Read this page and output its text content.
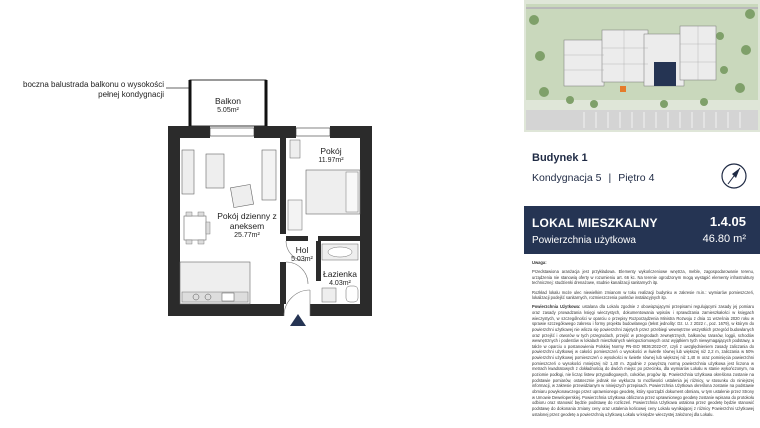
boczna balustrada balkonu o wysokości pełnej kondygnacji
Balkon
5.05m²
Pokój
11.97m²
Pokój dzienny z aneksem
25.77m²
Hol
5.03m²
Łazienka
4.03m²
Budynek 1
Kondygnacja 5 | Piętro 4
LOKAL MIESZKALNY	1.4.05
Powierzchnia użytkowa	46.80 m²

Uwaga:

Przedstawiona aranżacja jest przykładowa. Elementy wykończeniowe wnętrza, meble, zagospodarowanie terenu, urządzenia nie stanowią oferty w rozumieniu art. 66 kc. Na terenie ogrodzonym mogą wystąpić elementy infrastruktury technicznej: studzienki drenażowe, studnie kanalizacji sanitarnych itp.

Rozkład lokalu może ulec niewielkim zmianom w toku realizacji budynku w zakresie m.in.: wymiarów pomieszczeń, lokalizacji podejść sanitarnych, rozmieszczenia punktów instalacyjnych itp.

Powierzchnia Użytkowa: ustalana dla Lokalu zgodnie z obowiązującymi przepisami regulującymi zasady jej pomiaru oraz zasady prowadzania księgi wieczystych, dokumentowania wpisów i sprawdzania zamieszkałości w księgach wieczystych, w szczególności w oparciu o przepisy Rozporządzenia Ministra Rozwoju z dnia 11 września 2020 roku w sprawie szczegółowego zakresu i formy projektu budowlanego (tekst jednolity: Dz. U. z 2022 r., poz. 1679), w którym do powierzchni użytkowej nie wlicza się powierzchni zajętych przez przebiegi wewnętrzne wszystkich przegród budowlanych oraz przejść i otworów w tych przegrodach, przejść w przegrodach zewnętrznych, balkonów, tarasów, loggii, schodów wewnętrznych i podestów w lokalach mieszkalnych wielopoziomowych oraz wyjątkiem tych niewymagających podstawy, a także w oparciu o postanowienia Polskiej Normy PN-ISO 9836:2022-07, czyli z uwzględnieniem zasady zaliczania do powierzchni użytkowej w całości pomieszczeń o wysokości w świetle równej lub większej niż 2,2 m, zaliczania w 50% powierzchni użytkowej pomieszczeń o wysokości w świetle równej lub większej niż 1,40 m oraz pominięcia powierzchni pomieszczeń o wysokości mniejszej niż 1,40 m. Zgodnie z powyższą normą powierzchnia użytkowa jest liczona w metrach kwadratowych z dokładnością do dwóch miejsc po przecinku, dla wymiarów Lokalu w stanie wykończonym, na poziomie podłogi, nie licząc listew przypodłogowych, cokołów, progów itp. Powierzchnia Użytkowa określona zostanie na podstawie pomiarów, ostatecznie jednak nie wyklucza to możliwości ustalenia jej różnicy, w stosunku do niniejszej informacji, w zakresie przewidzianym w niniejszych przepisach. Powierzchnia Użytkowa określona zostanie na podstawie obmiaru powykonawczego przez uprawnionego geodetę, który sporządzi dokument obmiaru, w tym ustalenie przez Strony w Umowie Deweloperskiej. Powierzchnia Użytkowa obliczona przez uprawnionego geodetę zostanie wpisana do protokołu odbioru oraz stanowić będzie podstawę do rozliczeń. Powierzchnia Użytkowa ustalona przez geodetę będzie stanowić podstawę do dokonania zmiany ceny oraz ustalenia końcowej ceny Lokalu wynikającej z różnicy Powierzchni Użytkowej ustalonej przez geodetę a powierzchnią użytkową Lokalu w księdze wieczystej założonej dla Lokalu.
